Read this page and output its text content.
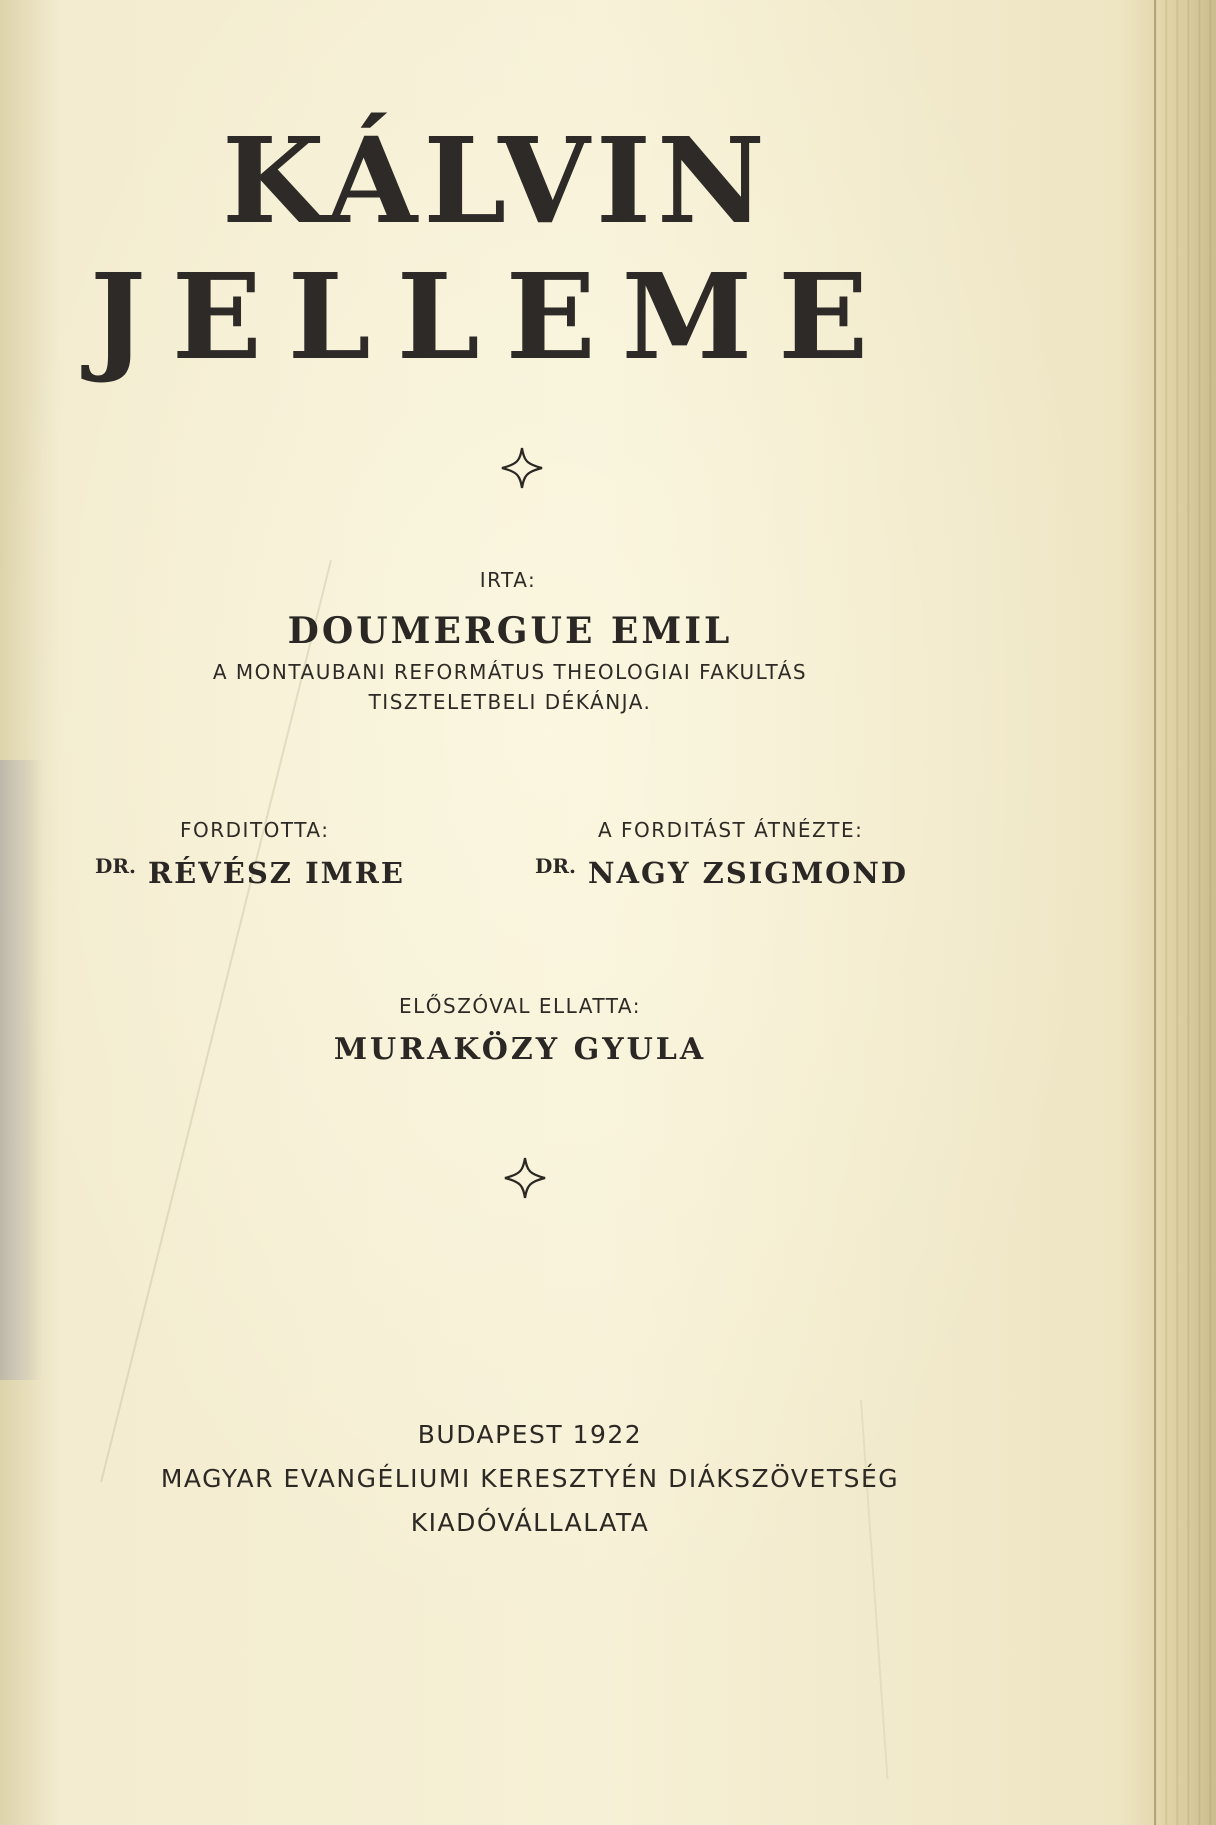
KÁLVIN
JELLEME
IRTA:
DOUMERGUE EMIL
A MONTAUBANI REFORMÁTUS THEOLOGIAI FAKULTÁS
TISZTELETBELI DÉKÁNJA.
FORDITOTTA:
$^{DR.}$ RÉVÉSZ IMRE
A FORDITÁST ÁTNÉZTE:
$^{DR.}$ NAGY ZSIGMOND
ELŐSZÓVAL ELLATTA:
MURAKÖZY GYULA
BUDAPEST 1922
MAGYAR EVANGÉLIUMI KERESZTYÉN DIÁKSZÖVETSÉG
KIADÓVÁLLALATA
